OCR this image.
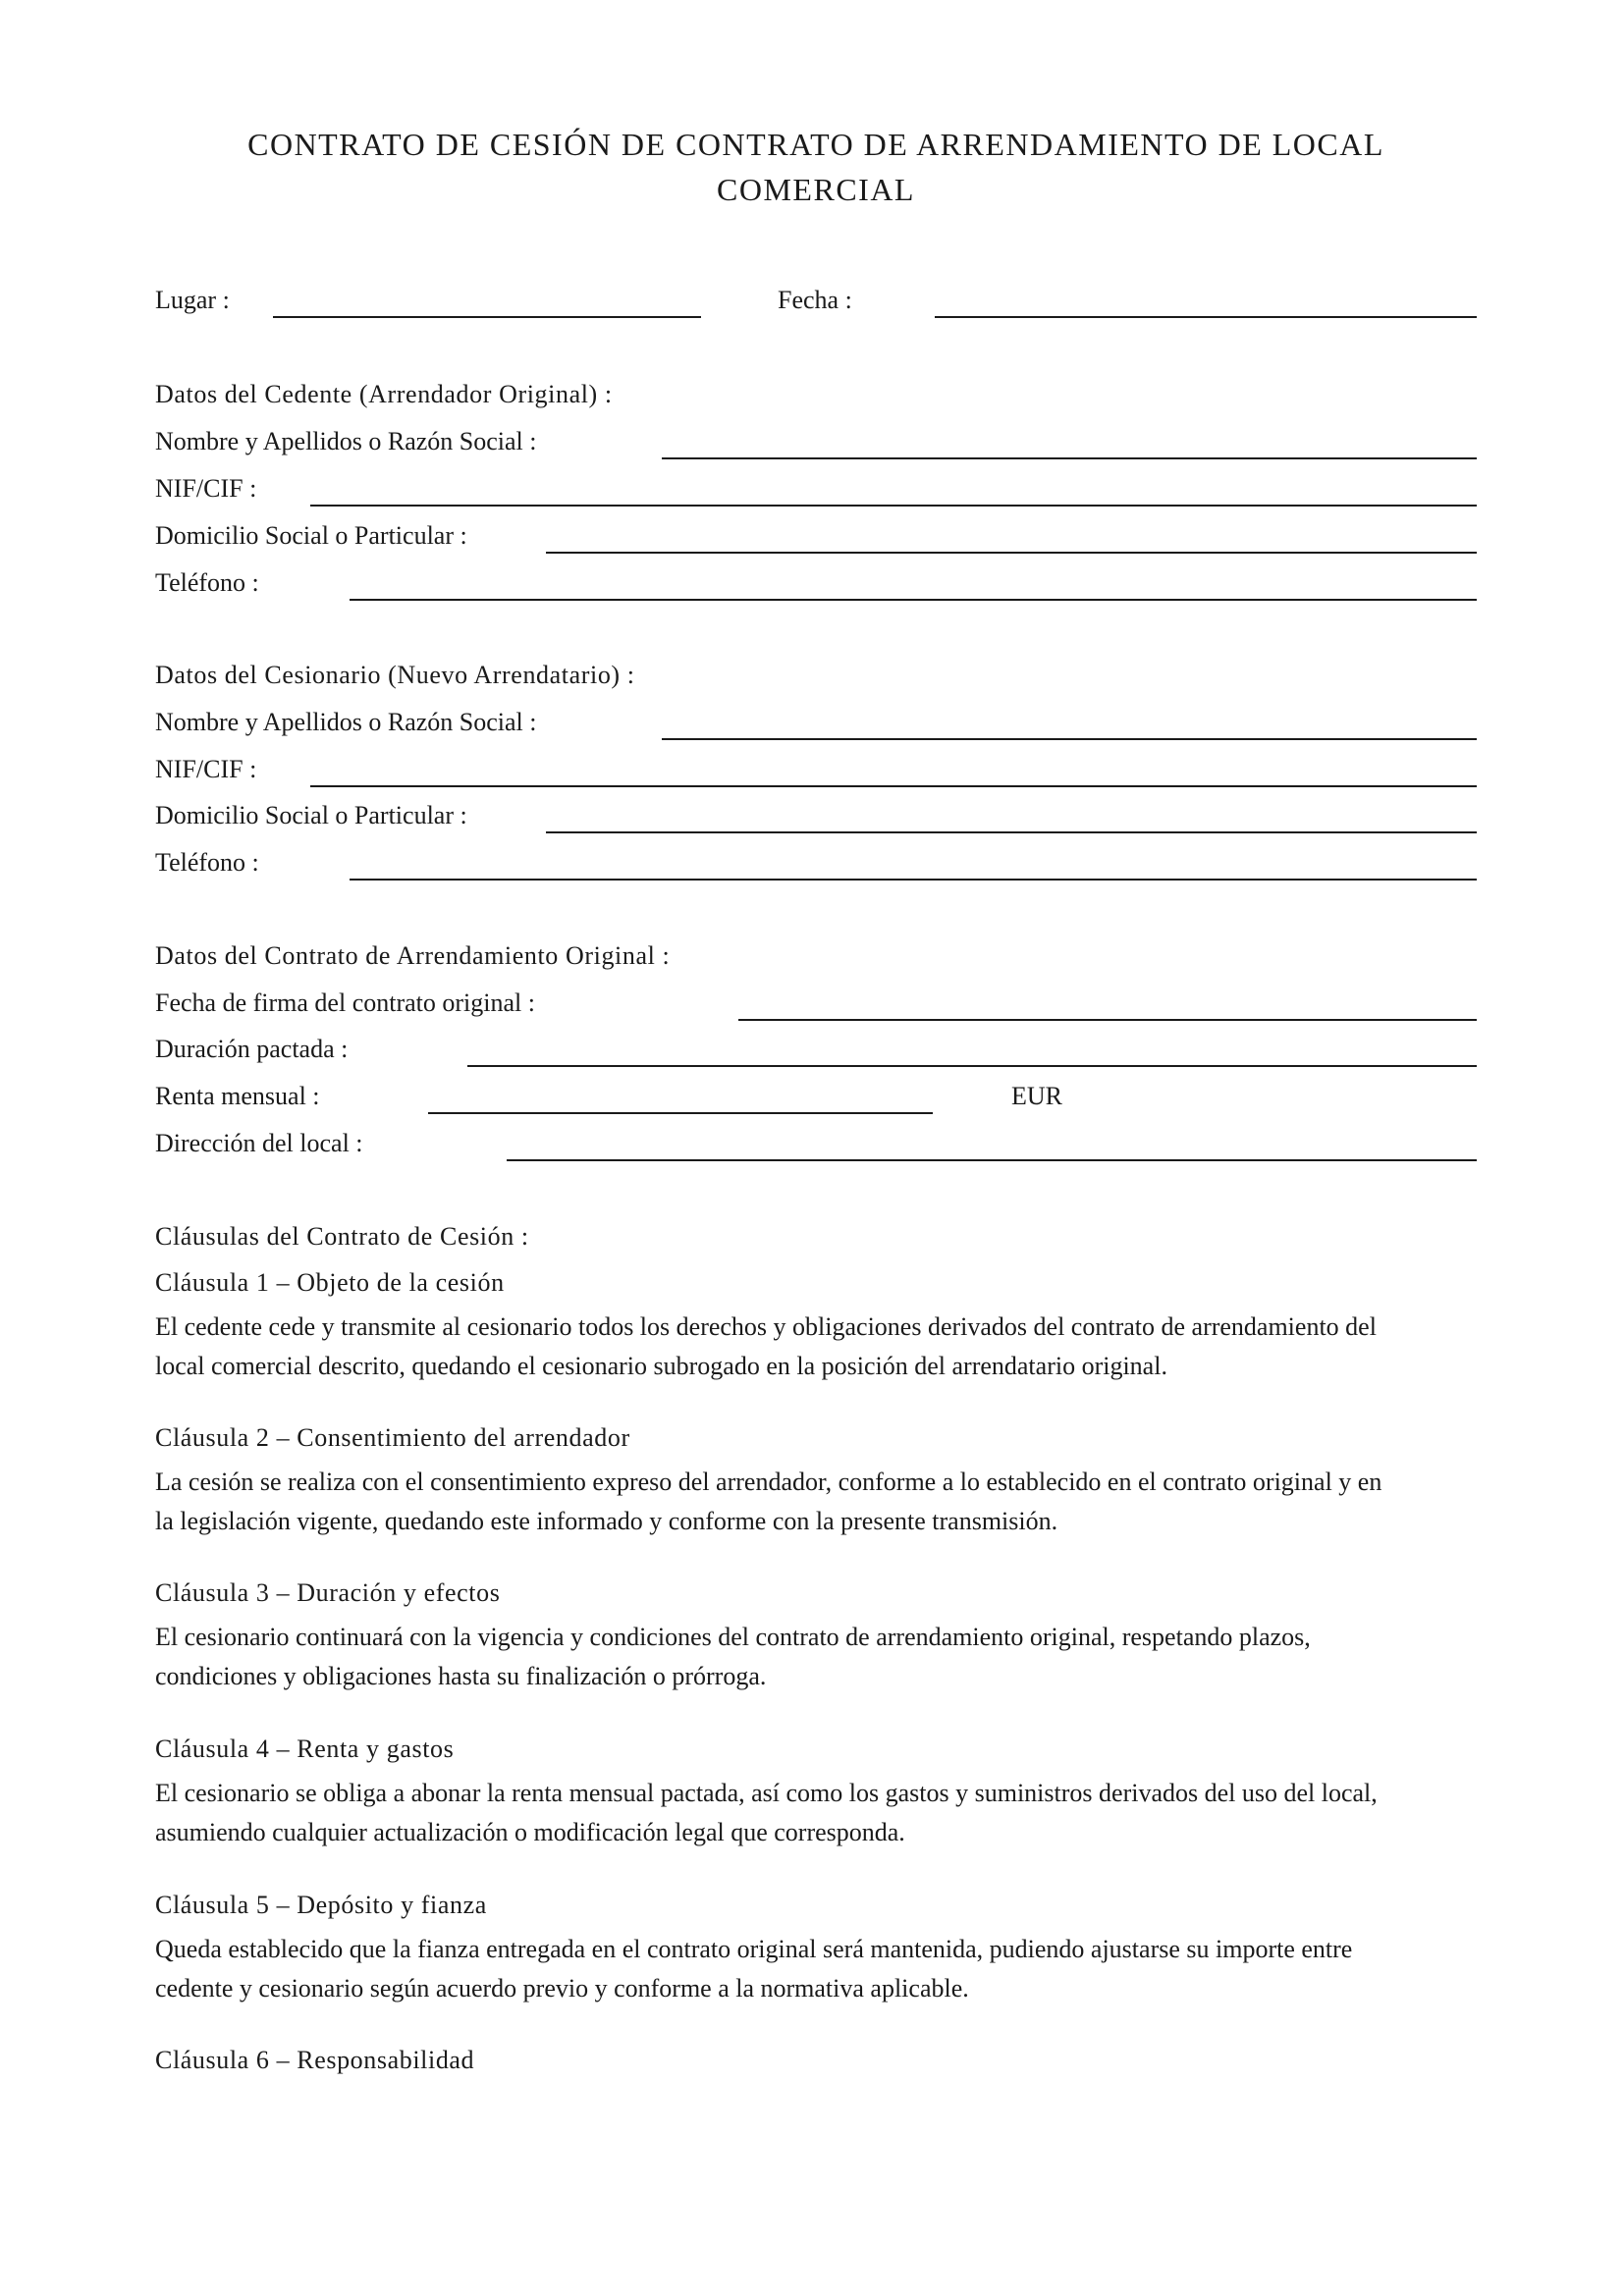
CONTRATO DE CESIÓN DE CONTRATO DE ARRENDAMIENTO DE LOCAL
COMERCIAL
Lugar :	Fecha :
Datos del Cedente (Arrendador Original) :
Nombre y Apellidos o Razón Social :
NIF/CIF :
Domicilio Social o Particular :
Teléfono :
Datos del Cesionario (Nuevo Arrendatario) :
Nombre y Apellidos o Razón Social :
NIF/CIF :
Domicilio Social o Particular :
Teléfono :
Datos del Contrato de Arrendamiento Original :
Fecha de firma del contrato original :
Duración pactada :
Renta mensual :	EUR
Dirección del local :
Cláusulas del Contrato de Cesión :
Cláusula 1 – Objeto de la cesión
El cedente cede y transmite al cesionario todos los derechos y obligaciones derivados del contrato de arrendamiento del
local comercial descrito, quedando el cesionario subrogado en la posición del arrendatario original.
Cláusula 2 – Consentimiento del arrendador
La cesión se realiza con el consentimiento expreso del arrendador, conforme a lo establecido en el contrato original y en
la legislación vigente, quedando este informado y conforme con la presente transmisión.
Cláusula 3 – Duración y efectos
El cesionario continuará con la vigencia y condiciones del contrato de arrendamiento original, respetando plazos,
condiciones y obligaciones hasta su finalización o prórroga.
Cláusula 4 – Renta y gastos
El cesionario se obliga a abonar la renta mensual pactada, así como los gastos y suministros derivados del uso del local,
asumiendo cualquier actualización o modificación legal que corresponda.
Cláusula 5 – Depósito y fianza
Queda establecido que la fianza entregada en el contrato original será mantenida, pudiendo ajustarse su importe entre
cedente y cesionario según acuerdo previo y conforme a la normativa aplicable.
Cláusula 6 – Responsabilidad
